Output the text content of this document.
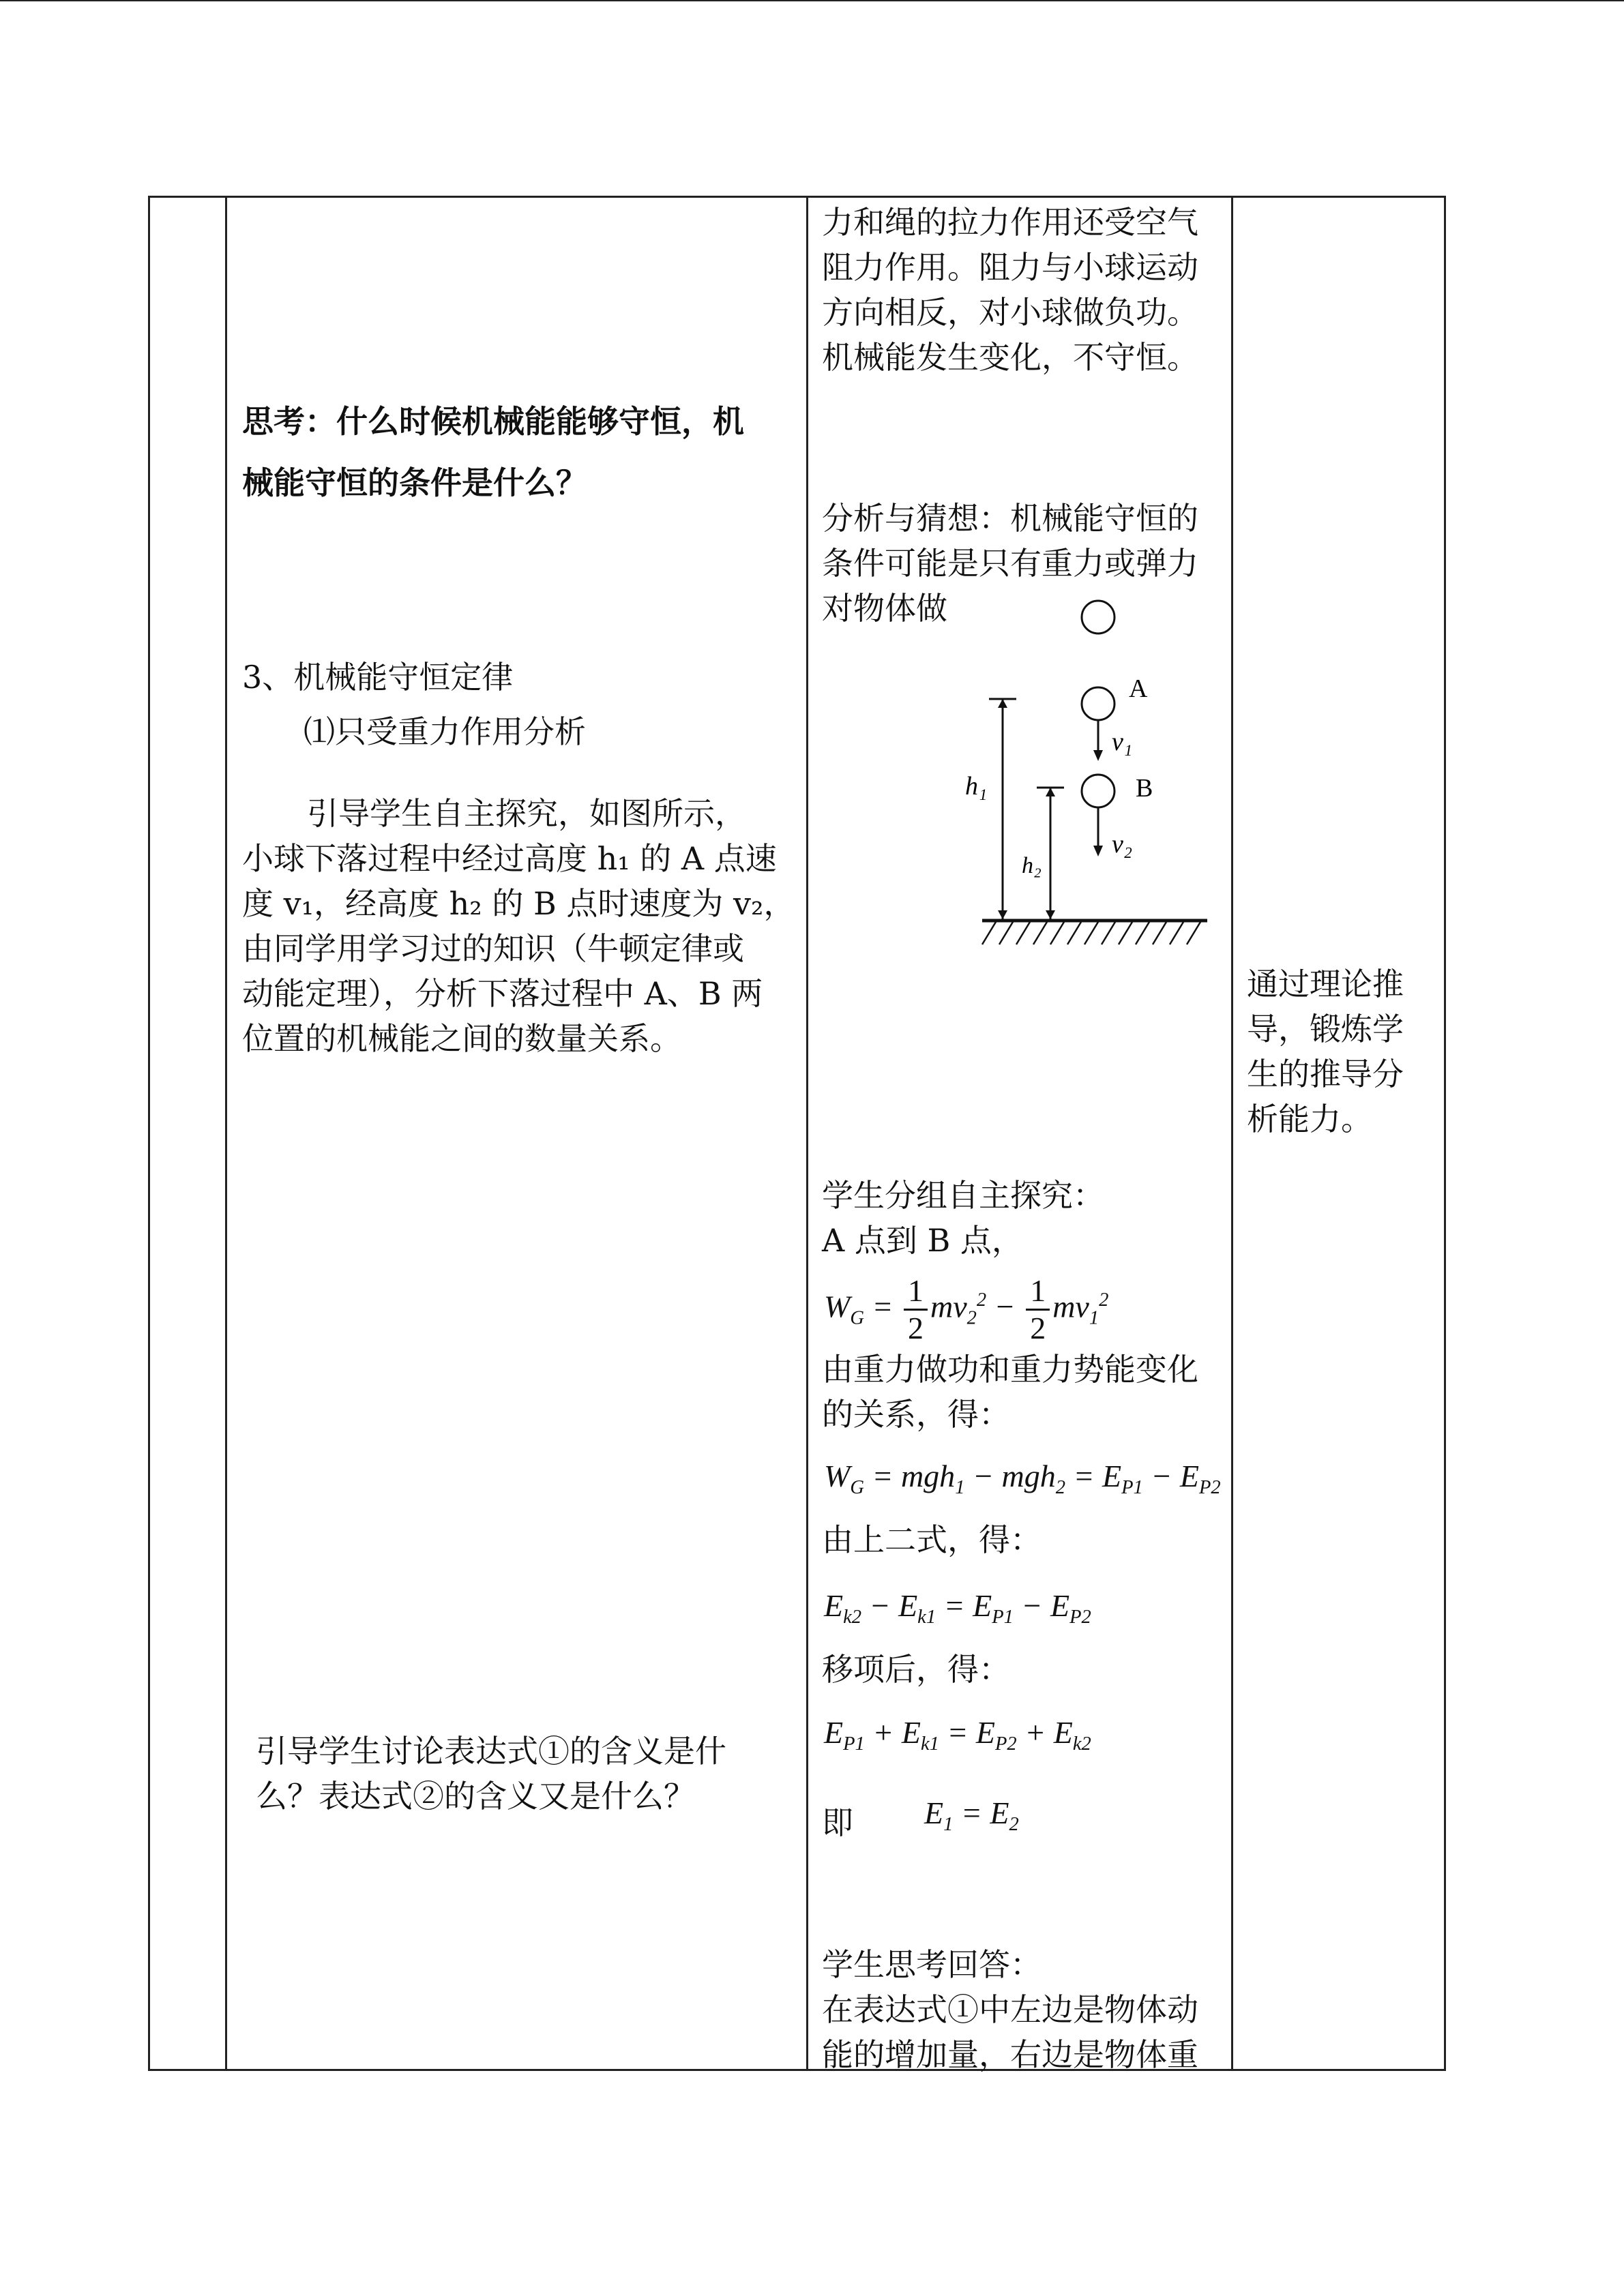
思考：什么时候机械能能够守恒，机
械能守恒的条件是什么？
3、机械能守恒定律
⑴只受重力作用分析
引导学生自主探究，如图所示，
小球下落过程中经过高度 h₁ 的 A 点速
度 v₁，经高度 h₂ 的 B 点时速度为 v₂，
由同学用学习过的知识（牛顿定律或
动能定理），分析下落过程中 A、B 两
位置的机械能之间的数量关系。
引导学生讨论表达式①的含义是什
么？表达式②的含义又是什么？
力和绳的拉力作用还受空气
阻力作用。阻力与小球运动
方向相反，对小球做负功。
机械能发生变化，不守恒。
分析与猜想：机械能守恒的
条件可能是只有重力或弹力
对物体做
A
B
v₁
v₂
h₁
h₂
学生分组自主探究：
A 点到 B 点，
$W_G = \frac{1}{2} mv_2^2 - \frac{1}{2} mv_1^2$
由重力做功和重力势能变化
的关系，得：
$W_G = mgh_1 - mgh_2 = E_{P1} - E_{P2}$
由上二式，得：
$E_{k2} - E_{k1} = E_{P1} - E_{P2}$
移项后，得：
$E_{P1} + E_{k1} = E_{P2} + E_{k2}$
即 $E_1 = E_2$
学生思考回答：
在表达式①中左边是物体动
能的增加量，右边是物体重
通过理论推
导，锻炼学
生的推导分
析能力。
